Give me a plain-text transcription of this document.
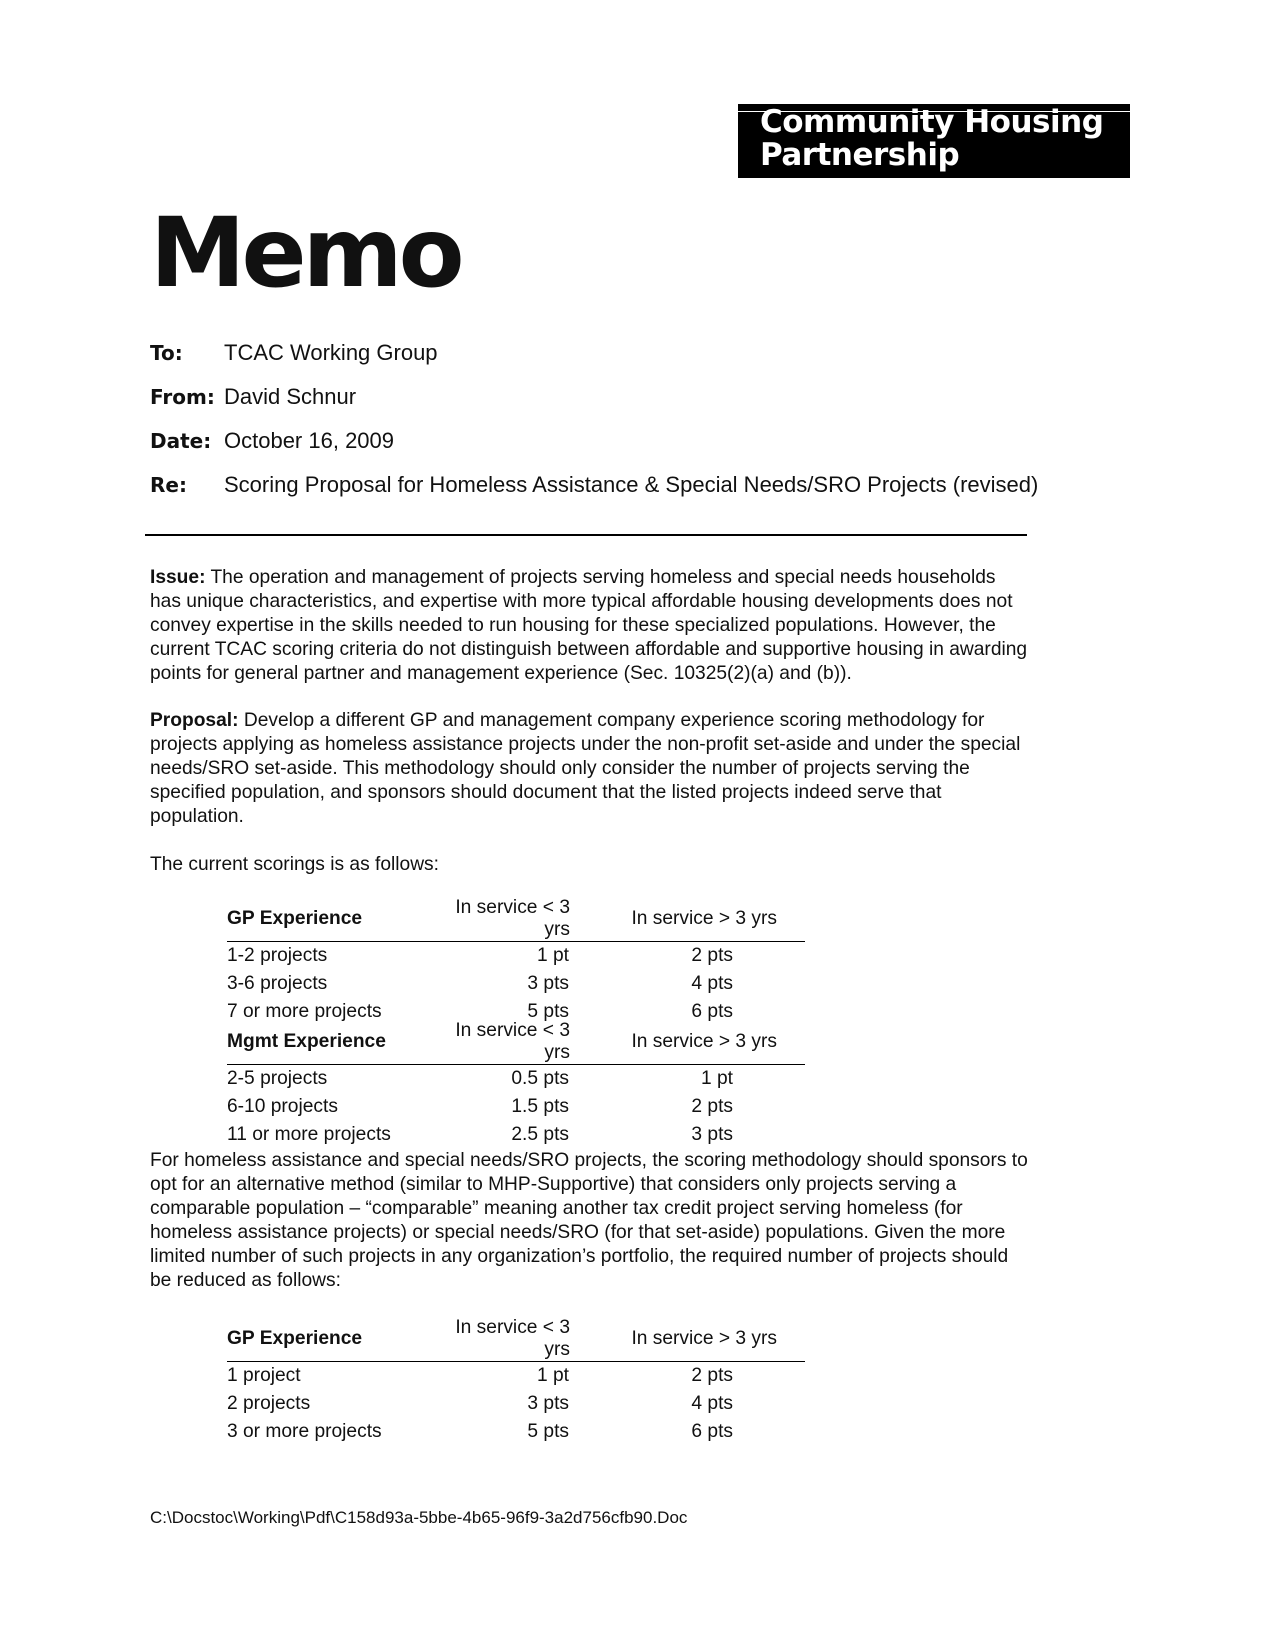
Community Housing
Partnership
Memo
To: TCAC Working Group
From: David Schnur
Date: October 16, 2009
Re: Scoring Proposal for Homeless Assistance & Special Needs/SRO Projects (revised)
Issue: The operation and management of projects serving homeless and special needs households has unique characteristics, and expertise with more typical affordable housing developments does not convey expertise in the skills needed to run housing for these specialized populations. However, the current TCAC scoring criteria do not distinguish between affordable and supportive housing in awarding points for general partner and management experience (Sec. 10325(2)(a) and (b)).
Proposal: Develop a different GP and management company experience scoring methodology for projects applying as homeless assistance projects under the non-profit set-aside and under the special needs/SRO set-aside. This methodology should only consider the number of projects serving the specified population, and sponsors should document that the listed projects indeed serve that population.
The current scorings is as follows:
GP Experience	In service < 3 yrs	In service > 3 yrs
1-2 projects	1 pt	2 pts
3-6 projects	3 pts	4 pts
7 or more projects	5 pts	6 pts
Mgmt Experience	In service < 3 yrs	In service > 3 yrs
2-5 projects	0.5 pts	1 pt
6-10 projects	1.5 pts	2 pts
11 or more projects	2.5 pts	3 pts
For homeless assistance and special needs/SRO projects, the scoring methodology should sponsors to opt for an alternative method (similar to MHP-Supportive) that considers only projects serving a comparable population – “comparable” meaning another tax credit project serving homeless (for homeless assistance projects) or special needs/SRO (for that set-aside) populations. Given the more limited number of such projects in any organization’s portfolio, the required number of projects should be reduced as follows:
GP Experience	In service < 3 yrs	In service > 3 yrs
1 project	1 pt	2 pts
2 projects	3 pts	4 pts
3 or more projects	5 pts	6 pts
C:\Docstoc\Working\Pdf\C158d93a-5bbe-4b65-96f9-3a2d756cfb90.Doc
